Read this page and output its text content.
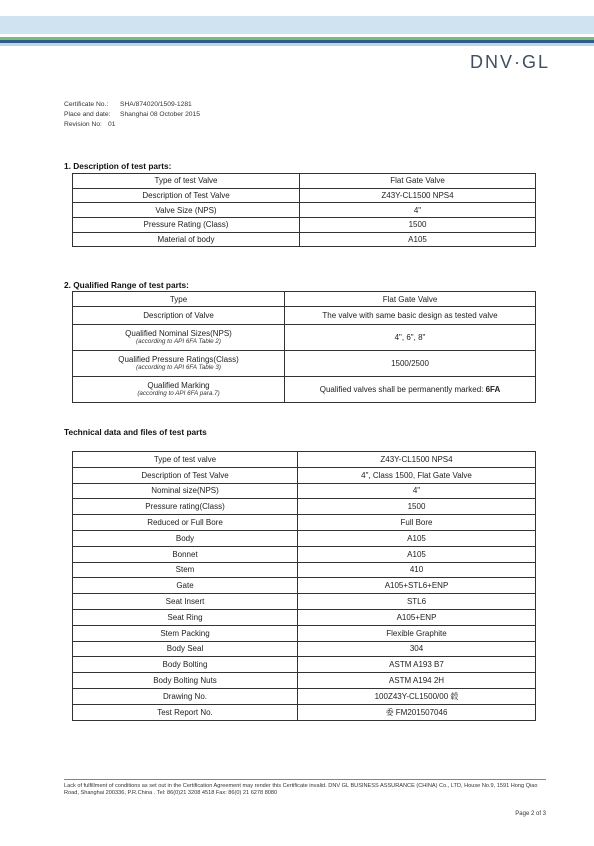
DNV·GL
Certificate No.: SHA/874020/1509-1281
Place and date: Shanghai 08 October 2015
Revision No: 01
1. Description of test parts:
Type of test Valve	Flat Gate Valve
Description of Test Valve	Z43Y-CL1500 NPS4
Valve Size (NPS)	4"
Pressure Rating (Class)	1500
Material of body	A105
2. Qualified Range of test parts:
Type	Flat Gate Valve

Description of Valve	The valve with same basic design as tested valve

Qualified Nominal Sizes(NPS)
(according to API 6FA Table 2)	4", 6", 8"

Qualified Pressure Ratings(Class)
(according to API 6FA Table 3)	1500/2500

Qualified Marking
(according to API 6FA para.7)	Qualified valves shall be permanently marked: 6FA
Technical data and files of test parts
Type of test valve	Z43Y-CL1500 NPS4
Description of Test Valve	4", Class 1500, Flat Gate Valve
Nominal size(NPS)	4"
Pressure rating(Class)	1500
Reduced or Full Bore	Full Bore
Body	A105
Bonnet	A105
Stem	410
Gate	A105+STL6+ENP
Seat Insert	STL6
Seat Ring	A105+ENP
Stem Packing	Flexible Graphite
Body Seal	304
Body Bolting	ASTM A193 B7
Body Bolting Nuts	ASTM A194 2H
Drawing No.	100Z43Y-CL1500/00 毂
Test Report No.	委 FM201507046
Lack of fulfillment of conditions as set out in the Certification Agreement may render this Certificate invalid. DNV GL BUSINESS ASSURANCE (CHINA) Co., LTD, House No.9, 1591 Hong Qiao Road, Shanghai 200336, P.R.China . Tel: 86(0)21 3208 4518 Fax: 86(0) 21 6278 8080
Page 2 of 3
